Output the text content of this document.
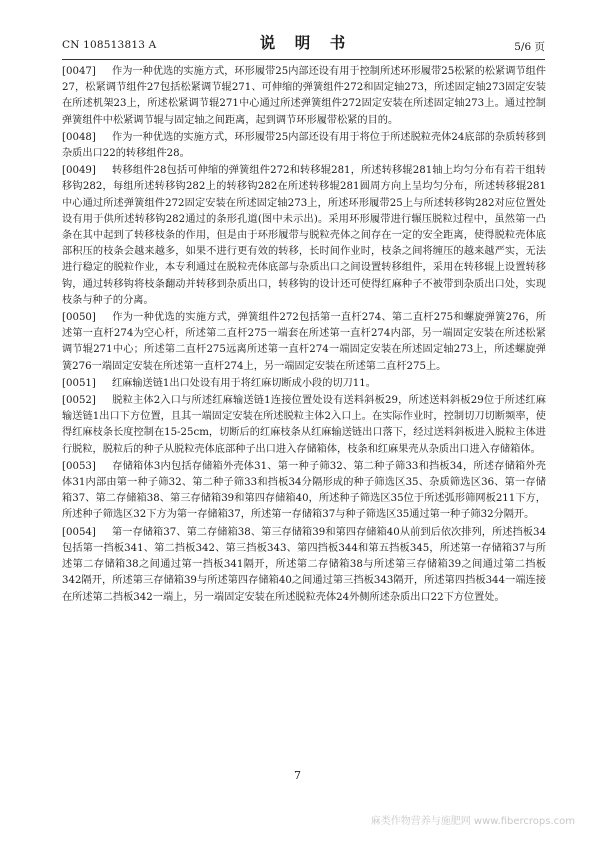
CN 108513813 A	说　明　书	5/6 页

[0047] 作为一种优选的实施方式，环形履带25内部还设有用于控制所述环形履带25松紧的松紧调节组件27，松紧调节组件27包括松紧调节辊271、可伸缩的弹簧组件272和固定轴273，所述固定轴273固定安装在所述机架23上，所述松紧调节辊271中心通过所述弹簧组件272固定安装在所述固定轴273上。通过控制弹簧组件中松紧调节辊与固定轴之间距离，起到调节环形履带松紧的目的。

[0048] 作为一种优选的实施方式，环形履带25内部还设有用于将位于所述脱粒壳体24底部的杂质转移到杂质出口22的转移组件28。

[0049] 转移组件28包括可伸缩的弹簧组件272和转移辊281，所述转移辊281轴上均匀分布有若干组转移钩282，每组所述转移钩282上的转移钩282在所述转移辊281圆周方向上呈均匀分布，所述转移辊281中心通过所述弹簧组件272固定安装在所述固定轴273上，所述环形履带25上与所述转移钩282对应位置处设有用于供所述转移钩282通过的条形孔道(图中未示出)。采用环形履带进行辗压脱粒过程中，虽然第一凸条在其中起到了转移枝条的作用，但是由于环形履带与脱粒壳体之间存在一定的安全距离，使得脱粒壳体底部积压的枝条会越来越多，如果不进行更有效的转移，长时间作业时，枝条之间将缠压的越来越严实，无法进行稳定的脱粒作业，本专利通过在脱粒壳体底部与杂质出口之间设置转移组件，采用在转移辊上设置转移钩，通过转移钩将枝条翻动并转移到杂质出口，转移钩的设计还可使得红麻种子不被带到杂质出口处，实现枝条与种子的分离。

[0050] 作为一种优选的实施方式，弹簧组件272包括第一直杆274、第二直杆275和螺旋弹簧276，所述第一直杆274为空心杆，所述第二直杆275一端套在所述第一直杆274内部，另一端固定安装在所述松紧调节辊271中心；所述第二直杆275远离所述第一直杆274一端固定安装在所述固定轴273上，所述螺旋弹簧276一端固定安装在所述第一直杆274上，另一端固定安装在所述第二直杆275上。

[0051] 红麻输送链1出口处设有用于将红麻切断成小段的切刀11。

[0052] 脱粒主体2入口与所述红麻输送链1连接位置处设有送料斜板29，所述送料斜板29位于所述红麻输送链1出口下方位置，且其一端固定安装在所述脱粒主体2入口上。在实际作业时，控制切刀切断频率，使得红麻枝条长度控制在15-25cm，切断后的红麻枝条从红麻输送链出口落下，经过送料斜板进入脱粒主体进行脱粒，脱粒后的种子从脱粒壳体底部种子出口进入存储箱体，枝条和红麻果壳从杂质出口进入存储箱体。

[0053] 存储箱体3内包括存储箱外壳体31、第一种子筛32、第二种子筛33和挡板34，所述存储箱外壳体31内部由第一种子筛32、第二种子筛33和挡板34分隔形成的种子筛选区35、杂质筛选区36、第一存储箱37、第二存储箱38、第三存储箱39和第四存储箱40，所述种子筛选区35位于所述弧形筛网板211下方，所述种子筛选区32下方为第一存储箱37，所述第一存储箱37与种子筛选区35通过第一种子筛32分隔开。

[0054] 第一存储箱37、第二存储箱38、第三存储箱39和第四存储箱40从前到后依次排列，所述挡板34包括第一挡板341、第二挡板342、第三挡板343、第四挡板344和第五挡板345，所述第一存储箱37与所述第二存储箱38之间通过第一挡板341隔开，所述第二存储箱38与所述第三存储箱39之间通过第二挡板342隔开，所述第三存储箱39与所述第四存储箱40之间通过第三挡板343隔开，所述第四挡板344一端连接在所述第二挡板342一端上，另一端固定安装在所述脱粒壳体24外侧所述杂质出口22下方位置处。

7
麻类作物营养与施肥网 www.fibercrops.com
